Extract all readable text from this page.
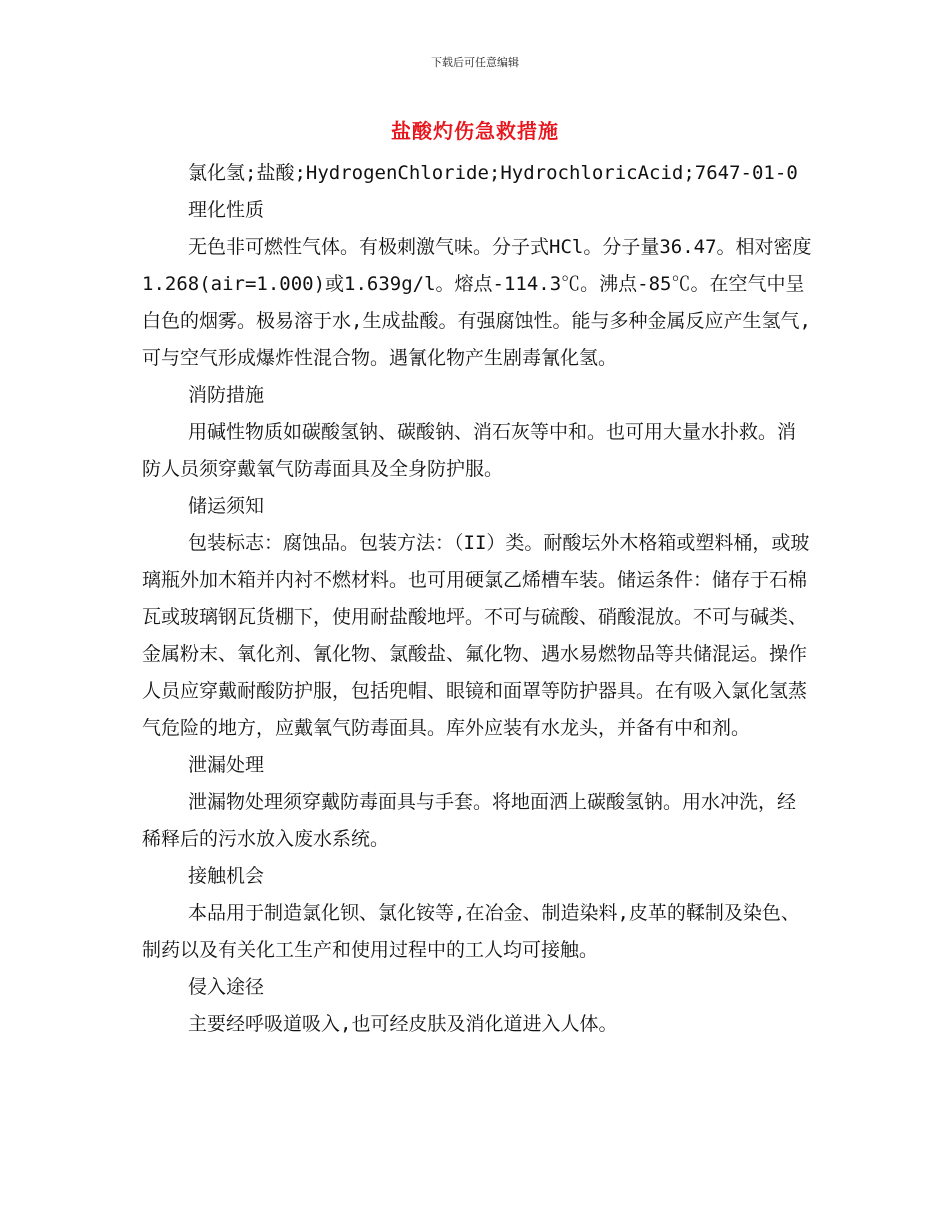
下载后可任意编辑
盐酸灼伤急救措施

氯化氢;盐酸;HydrogenChloride;HydrochloricAcid;7647-01-0

理化性质

无色非可燃性气体。有极刺激气味。分子式HCl。分子量36.47。相对密度1.268(air=1.000)或1.639g/l。熔点-114.3℃。沸点-85℃。在空气中呈白色的烟雾。极易溶于水,生成盐酸。有强腐蚀性。能与多种金属反应产生氢气,可与空气形成爆炸性混合物。遇氰化物产生剧毒氰化氢。

消防措施

用碱性物质如碳酸氢钠、碳酸钠、消石灰等中和。也可用大量水扑救。消防人员须穿戴氧气防毒面具及全身防护服。

储运须知

包装标志：腐蚀品。包装方法：（II）类。耐酸坛外木格箱或塑料桶，或玻璃瓶外加木箱并内衬不燃材料。也可用硬氯乙烯槽车装。储运条件：储存于石棉瓦或玻璃钢瓦货棚下，使用耐盐酸地坪。不可与硫酸、硝酸混放。不可与碱类、金属粉末、氧化剂、氰化物、氯酸盐、氟化物、遇水易燃物品等共储混运。操作人员应穿戴耐酸防护服，包括兜帽、眼镜和面罩等防护器具。在有吸入氯化氢蒸气危险的地方，应戴氧气防毒面具。库外应装有水龙头，并备有中和剂。

泄漏处理

泄漏物处理须穿戴防毒面具与手套。将地面洒上碳酸氢钠。用水冲洗，经稀释后的污水放入废水系统。

接触机会

本品用于制造氯化钡、氯化铵等,在冶金、制造染料,皮革的鞣制及染色、制药以及有关化工生产和使用过程中的工人均可接触。

侵入途径

主要经呼吸道吸入,也可经皮肤及消化道进入人体。
